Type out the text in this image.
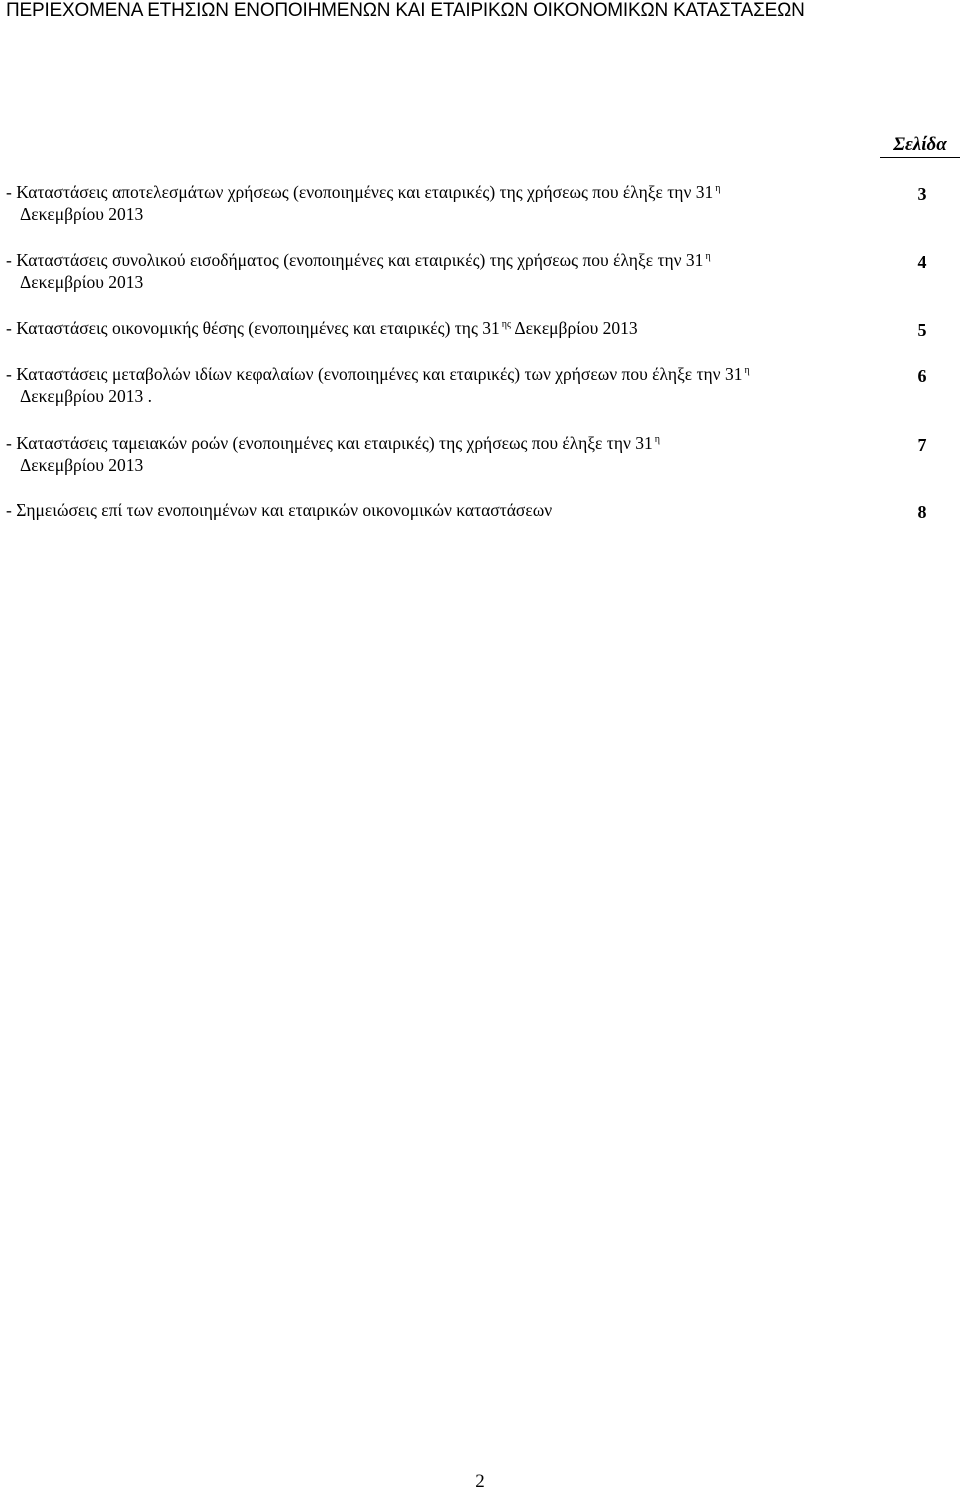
ΠΕΡΙΕΧΟΜΕΝΑ ΕΤΗΣΙΩΝ ΕΝΟΠΟΙΗΜΕΝΩΝ ΚΑΙ ΕΤΑΙΡΙΚΩΝ ΟΙΚΟΝΟΜΙΚΩΝ ΚΑΤΑΣΤΑΣΕΩΝ
Σελίδα
- Καταστάσεις αποτελεσμάτων χρήσεως (ενοποιημένες και εταιρικές) της χρήσεως που έληξε την 31 $^\eta$
Δεκεμβρίου 2013
3
- Καταστάσεις συνολικού εισοδήματος (ενοποιημένες και εταιρικές) της χρήσεως που έληξε την 31 $^\eta$
Δεκεμβρίου 2013
4
- Καταστάσεις οικονομικής θέσης (ενοποιημένες και εταιρικές) της 31 $^{\eta\varsigma}$ Δεκεμβρίου 2013	5
- Καταστάσεις μεταβολών ιδίων κεφαλαίων (ενοποιημένες και εταιρικές) των χρήσεων που έληξε την 31 $^\eta$
Δεκεμβρίου 2013 .
6
- Καταστάσεις ταμειακών ροών (ενοποιημένες και εταιρικές) της χρήσεως που έληξε την 31 $^\eta$
Δεκεμβρίου 2013
7
- Σημειώσεις επί των ενοποιημένων και εταιρικών οικονομικών καταστάσεων	8
2
